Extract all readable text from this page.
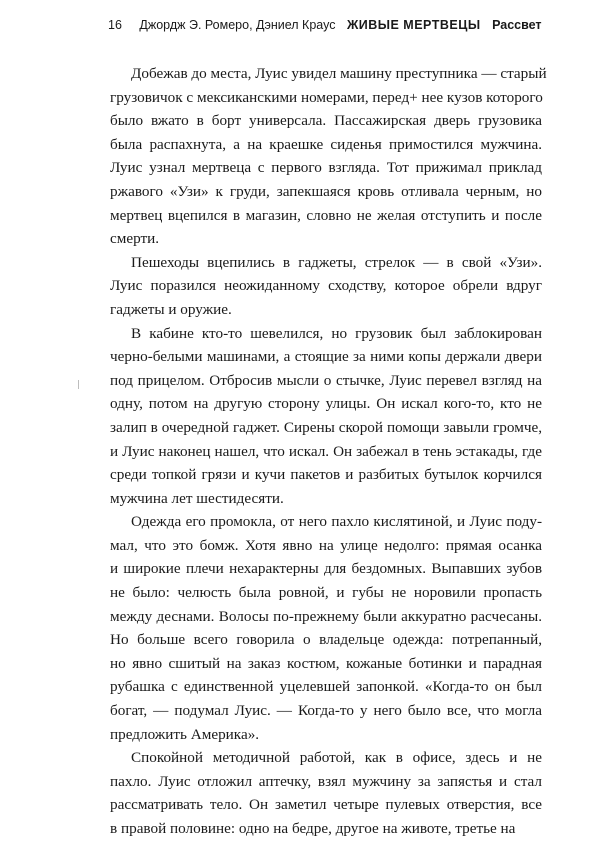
16 Джордж Э. Ромеро, Дэниел Краус ЖИВЫЕ МЕРТВЕЦЫ Рассвет

Добежав до места, Луис увидел машину преступника — старый
грузовичок с мексиканскими номерами, перед+ нее кузов которого
было вжато в борт универсала. Пассажирская дверь грузовика
была распахнута, а на краешке сиденья примостился мужчина.
Луис узнал мертвеца с первого взгляда. Тот прижимал приклад
ржавого «Узи» к груди, запекшаяся кровь отливала черным, но
мертвец вцепился в магазин, словно не желая отступить и после
смерти.

Пешеходы вцепились в гаджеты, стрелок — в свой «Узи».
Луис поразился неожиданному сходству, которое обрели вдруг
гаджеты и оружие.

В кабине кто-то шевелился, но грузовик был заблокирован
черно-белыми машинами, а стоящие за ними копы держали двери
под прицелом. Отбросив мысли о стычке, Луис перевел взгляд на
одну, потом на другую сторону улицы. Он искал кого-то, кто не
залип в очередной гаджет. Сирены скорой помощи завыли громче,
и Луис наконец нашел, что искал. Он забежал в тень эстакады, где
среди топкой грязи и кучи пакетов и разбитых бутылок корчился
мужчина лет шестидесяти.

Одежда его промокла, от него пахло кислятиной, и Луис поду-
мал, что это бомж. Хотя явно на улице недолго: прямая осанка
и широкие плечи нехарактерны для бездомных. Выпавших зубов
не было: челюсть была ровной, и губы не норовили пропасть
между деснами. Волосы по-прежнему были аккуратно расчесаны.
Но больше всего говорила о владельце одежда: потрепанный,
но явно сшитый на заказ костюм, кожаные ботинки и парадная
рубашка с единственной уцелевшей запонкой. «Когда-то он был
богат, — подумал Луис. — Когда-то у него было все, что могла
предложить Америка».

Спокойной методичной работой, как в офисе, здесь и не
пахло. Луис отложил аптечку, взял мужчину за запястья и стал
рассматривать тело. Он заметил четыре пулевых отверстия, все
в правой половине: одно на бедре, другое на животе, третье на
